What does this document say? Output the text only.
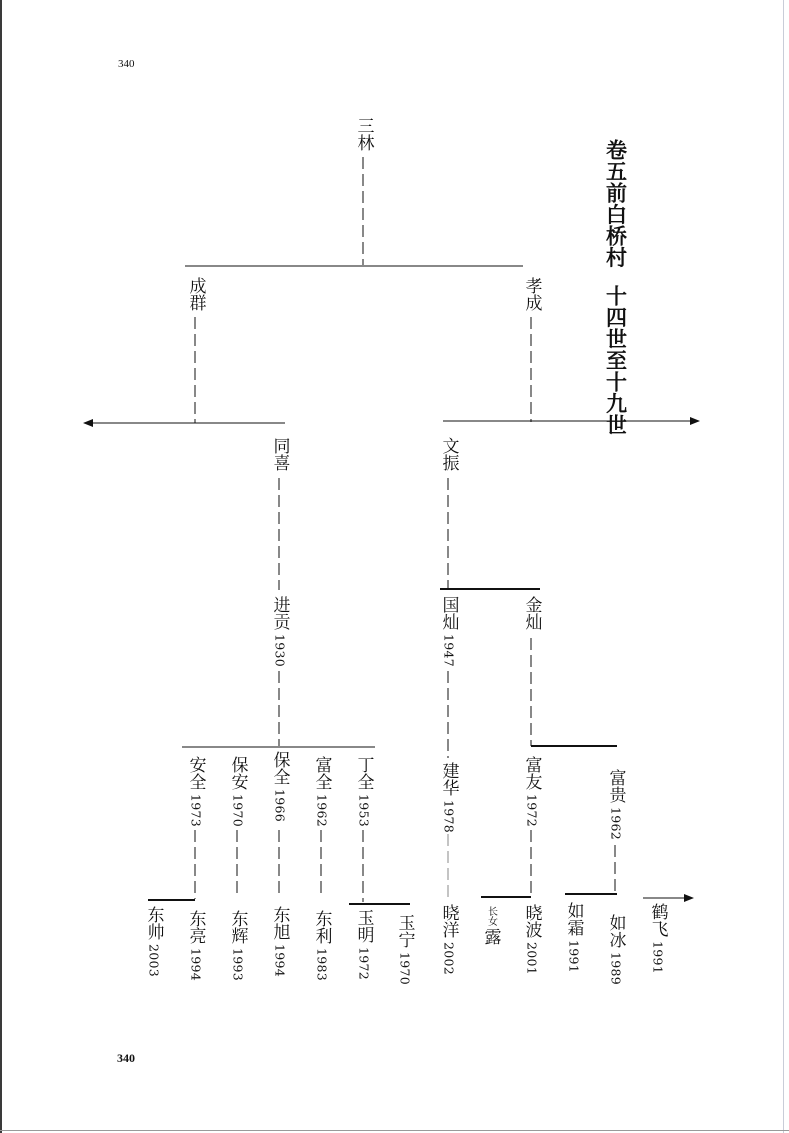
340
340
卷五前白桥村
十四世至十九世
三林
成群	孝成
同喜	文振
进贡1930
国灿1947
金灿
安全1973
保安1970
保全1966
富全1962
丁全1953
建华1978
富友1972
富贵1962
东帅2003
东亮1994
东辉1993
东旭1994
东利1983
玉明1972
玉宁1970
晓洋2002
长女露 晓波2001
如霜1991
如冰1989
鹤飞1991
